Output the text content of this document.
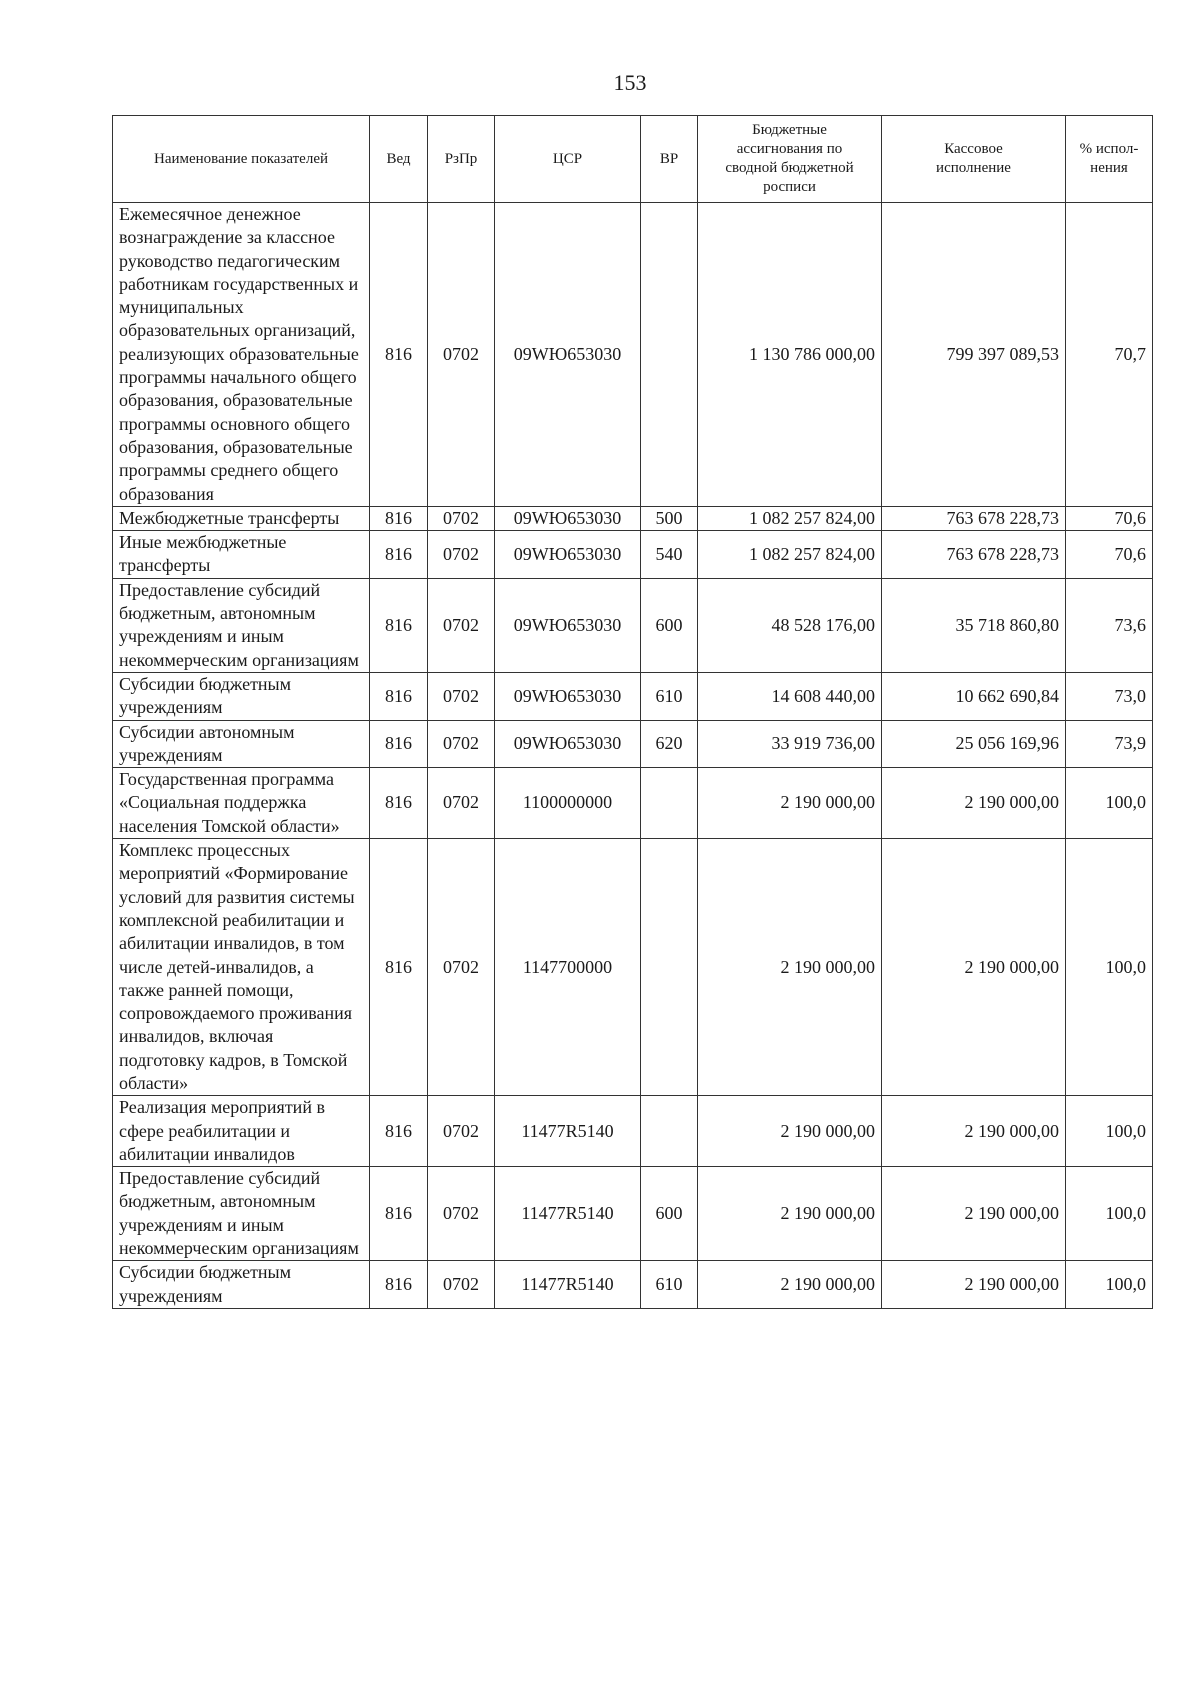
153
Наименование показателей	Вед	РзПр	ЦСР	ВР	Бюджетные ассигнования по сводной бюджетной росписи	Кассовое исполнение	% испол-нения
Ежемесячное денежное вознаграждение за классное руководство педагогическим работникам государственных и муниципальных образовательных организаций, реализующих образовательные программы начального общего образования, образовательные программы основного общего образования, образовательные программы среднего общего образования	816	0702	09WЮ653030		1 130 786 000,00	799 397 089,53	70,7
Межбюджетные трансферты	816	0702	09WЮ653030	500	1 082 257 824,00	763 678 228,73	70,6
Иные межбюджетные трансферты	816	0702	09WЮ653030	540	1 082 257 824,00	763 678 228,73	70,6
Предоставление субсидий бюджетным, автономным учреждениям и иным некоммерческим организациям	816	0702	09WЮ653030	600	48 528 176,00	35 718 860,80	73,6
Субсидии бюджетным учреждениям	816	0702	09WЮ653030	610	14 608 440,00	10 662 690,84	73,0
Субсидии автономным учреждениям	816	0702	09WЮ653030	620	33 919 736,00	25 056 169,96	73,9
Государственная программа «Социальная поддержка населения Томской области»	816	0702	1100000000		2 190 000,00	2 190 000,00	100,0
Комплекс процессных мероприятий «Формирование условий для развития системы комплексной реабилитации и абилитации инвалидов, в том числе детей-инвалидов, а также ранней помощи, сопровождаемого проживания инвалидов, включая подготовку кадров, в Томской области»	816	0702	1147700000		2 190 000,00	2 190 000,00	100,0
Реализация мероприятий в сфере реабилитации и абилитации инвалидов	816	0702	11477R5140		2 190 000,00	2 190 000,00	100,0
Предоставление субсидий бюджетным, автономным учреждениям и иным некоммерческим организациям	816	0702	11477R5140	600	2 190 000,00	2 190 000,00	100,0
Субсидии бюджетным учреждениям	816	0702	11477R5140	610	2 190 000,00	2 190 000,00	100,0
